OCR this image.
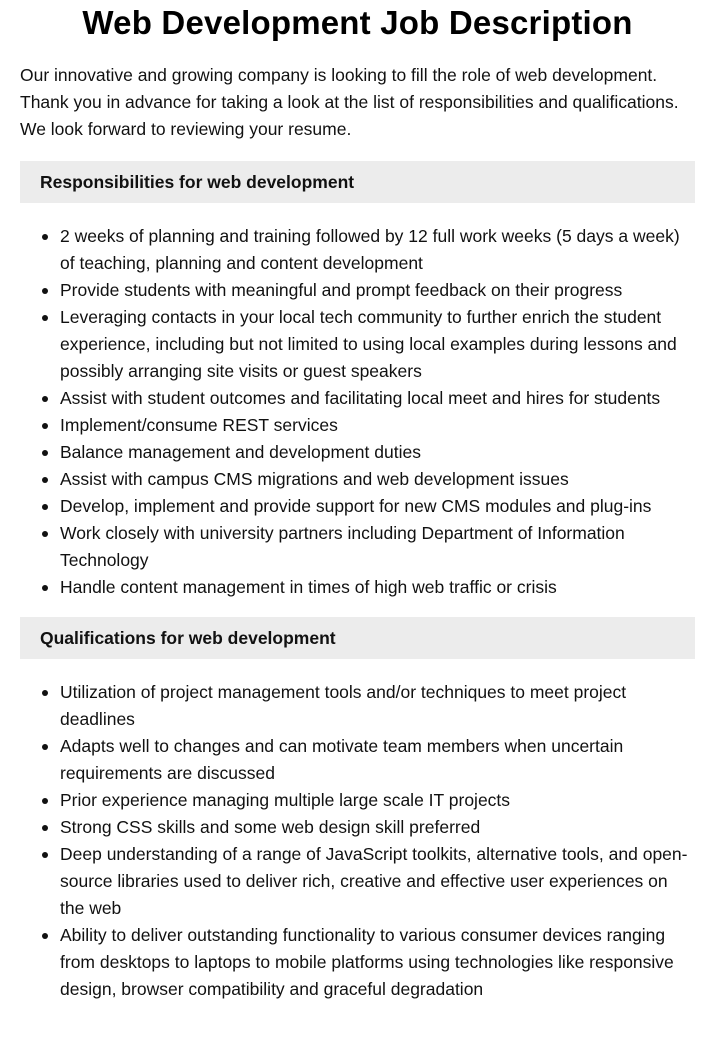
Web Development Job Description

Our innovative and growing company is looking to fill the role of web development. Thank you in advance for taking a look at the list of responsibilities and qualifications. We look forward to reviewing your resume.

Responsibilities for web development
2 weeks of planning and training followed by 12 full work weeks (5 days a week) of teaching, planning and content development
Provide students with meaningful and prompt feedback on their progress
Leveraging contacts in your local tech community to further enrich the student experience, including but not limited to using local examples during lessons and possibly arranging site visits or guest speakers
Assist with student outcomes and facilitating local meet and hires for students
Implement/consume REST services
Balance management and development duties
Assist with campus CMS migrations and web development issues
Develop, implement and provide support for new CMS modules and plug-ins
Work closely with university partners including Department of Information Technology
Handle content management in times of high web traffic or crisis
Qualifications for web development
Utilization of project management tools and/or techniques to meet project deadlines
Adapts well to changes and can motivate team members when uncertain requirements are discussed
Prior experience managing multiple large scale IT projects
Strong CSS skills and some web design skill preferred
Deep understanding of a range of JavaScript toolkits, alternative tools, and open-source libraries used to deliver rich, creative and effective user experiences on the web
Ability to deliver outstanding functionality to various consumer devices ranging from desktops to laptops to mobile platforms using technologies like responsive design, browser compatibility and graceful degradation
